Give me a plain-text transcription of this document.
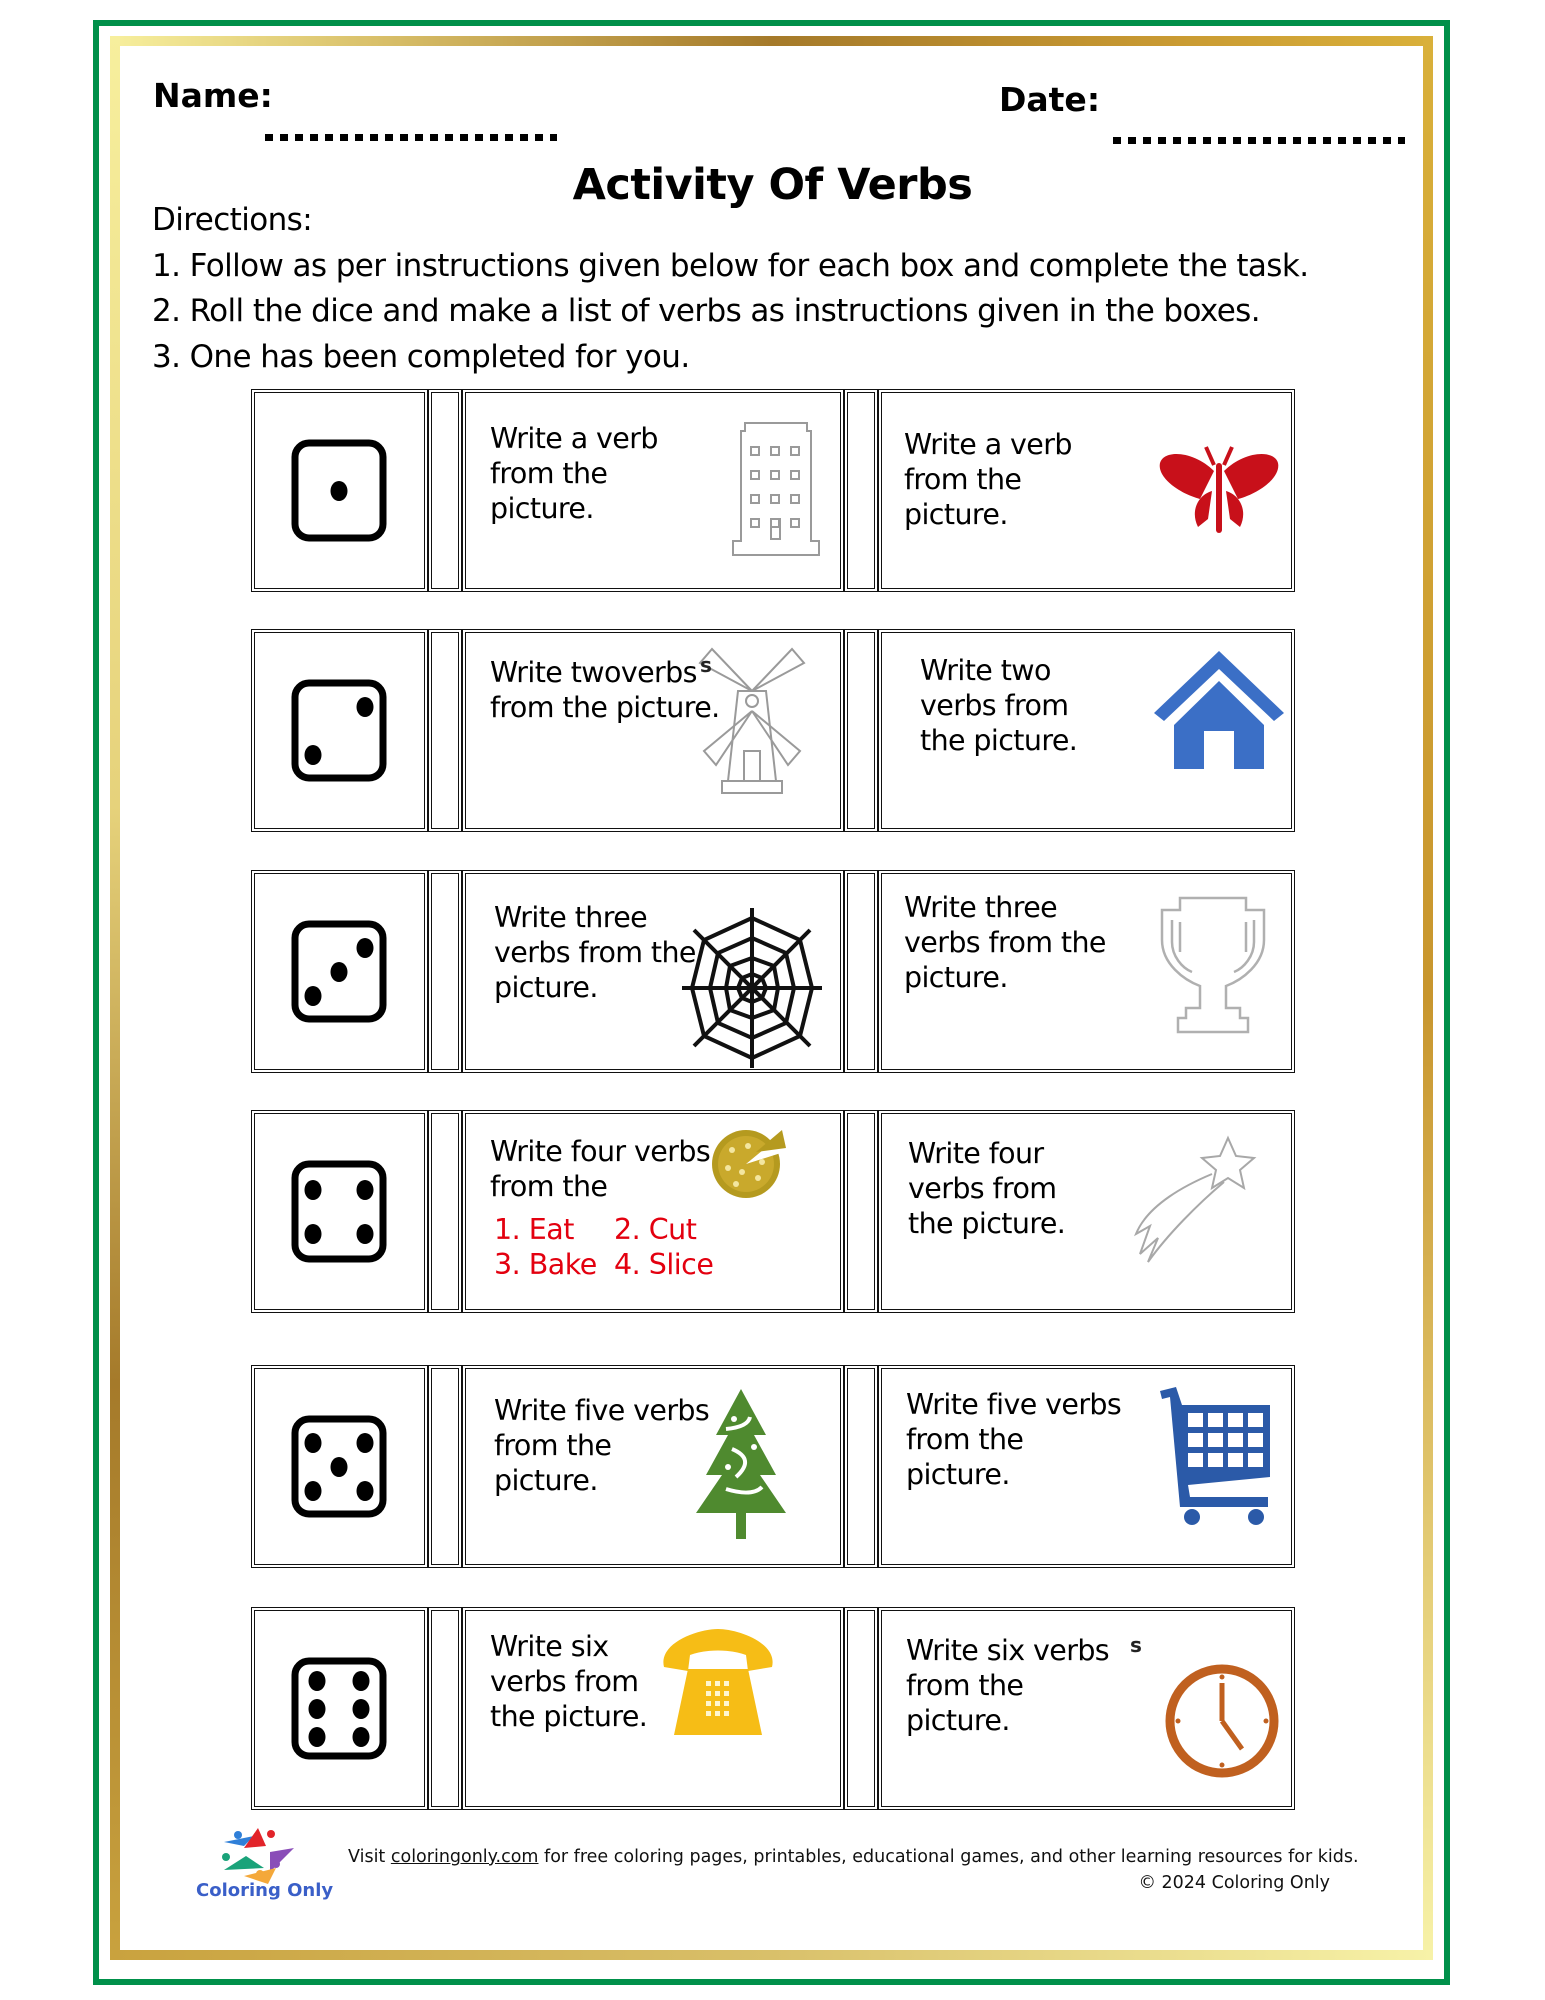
Name:	Date:
Activity Of Verbs
Directions:
1. Follow as per instructions given below for each box and complete the task.
2. Roll the dice and make a list of verbs as instructions given in the boxes.
3. One has been completed for you.
Write a verb
from the
picture.
Write a verb
from the
picture.
Write twoverbs
from the picture.
s	Write two
verbs from
the picture.
Write three
verbs from the
picture.
Write three
verbs from the
picture.
Write four verbs
from the
1. Eat 2. Cut
3. Bake 4. Slice
Write four
verbs from
the picture.
Write five verbs
from the
picture.
Write five verbs
from the
picture.
Write six
verbs from
the picture.
Write six verbs
from the
picture.
s
Coloring Only
Visit coloringonly.com for free coloring pages, printables, educational games, and other learning resources for kids.
© 2024 Coloring Only
